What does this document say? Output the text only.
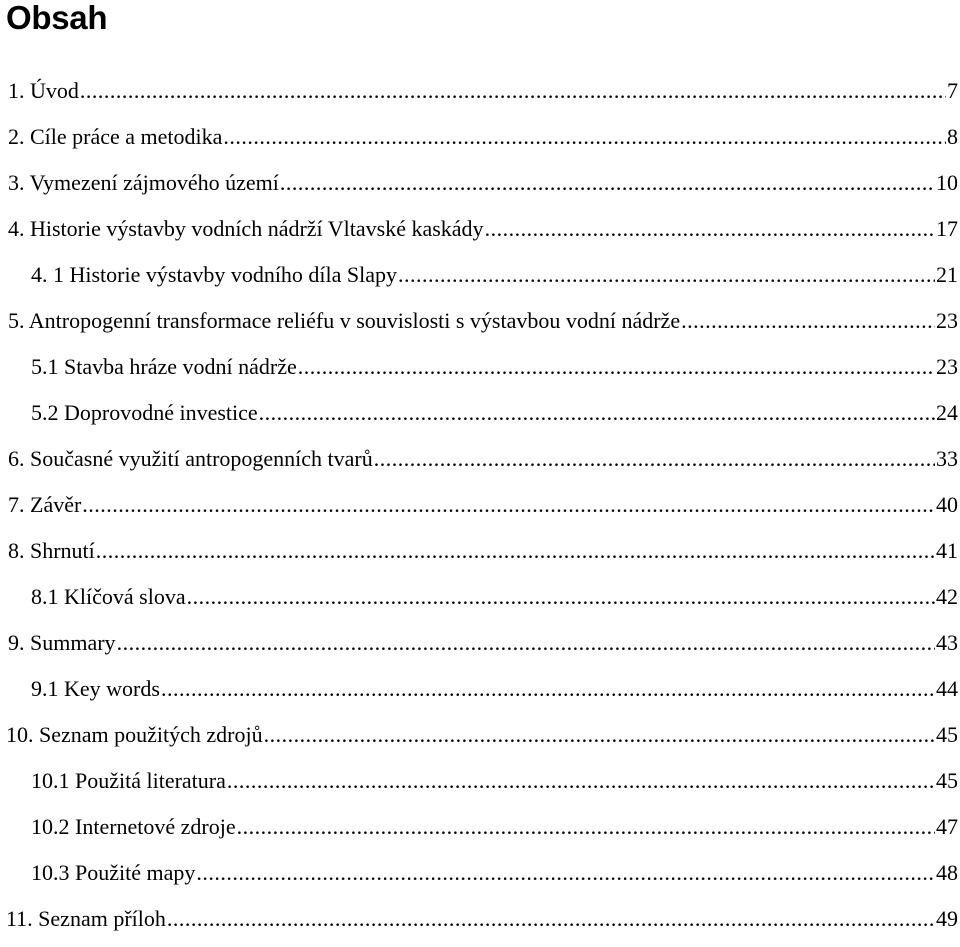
Obsah
1. Úvod .....	7
2. Cíle práce a metodika .....	8
3. Vymezení zájmového území .....	10
4. Historie výstavby vodních nádrží Vltavské kaskády .....	17
4. 1 Historie výstavby vodního díla Slapy .....	21
5. Antropogenní transformace reliéfu v souvislosti s výstavbou vodní nádrže .....	23
5.1 Stavba hráze vodní nádrže .....	23
5.2 Doprovodné investice .....	24
6. Současné využití antropogenních tvarů .....	33
7. Závěr .....	40
8. Shrnutí .....	41
8.1 Klíčová slova .....	42
9. Summary .....	43
9.1 Key words .....	44
10. Seznam použitých zdrojů .....	45
10.1 Použitá literatura .....	45
10.2 Internetové zdroje .....	47
10.3 Použité mapy .....	48
11. Seznam příloh .....	49
